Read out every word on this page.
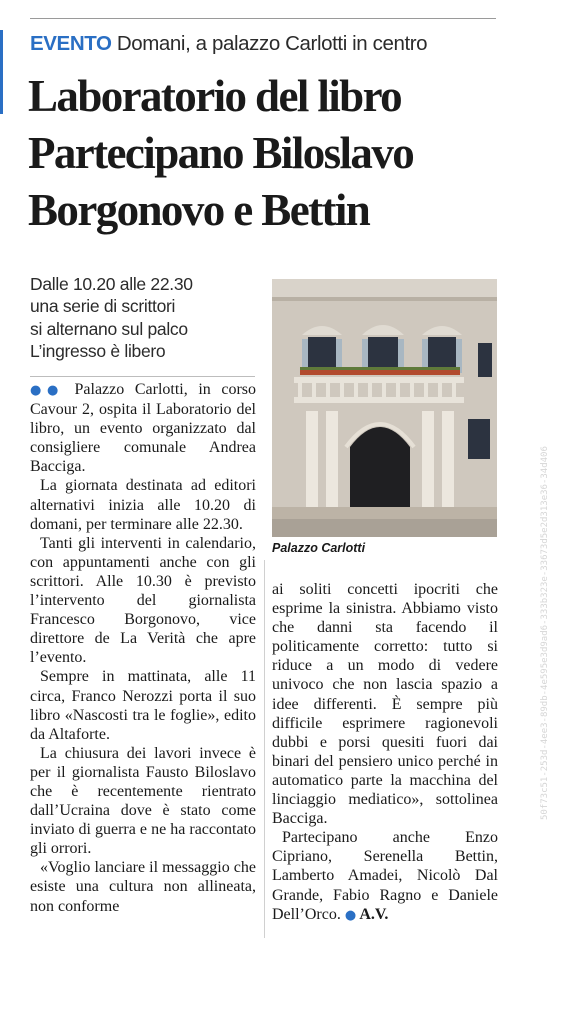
EVENTO Domani, a palazzo Carlotti in centro
Laboratorio del libro
Partecipano Biloslavo
Borgonovo e Bettin
Dalle 10.20 alle 22.30
una serie di scrittori
si alternano sul palco
L’ingresso è libero
Palazzo Carlotti

●● Palazzo Carlotti, in corso Cavour 2, ospita il Laboratorio del libro, un evento organizzato dal consigliere comunale Andrea Bacciga.

La giornata destinata ad editori alternativi inizia alle 10.20 di domani, per terminare alle 22.30.

Tanti gli interventi in calendario, con appuntamenti anche con gli scrittori. Alle 10.30 è previsto l’intervento del giornalista Francesco Borgonovo, vice direttore de La Verità che apre l’evento.

Sempre in mattinata, alle 11 circa, Franco Nerozzi porta il suo libro «Nascosti tra le foglie», edito da Altaforte.

La chiusura dei lavori invece è per il giornalista Fausto Biloslavo che è recentemente rientrato dall’Ucraina dove è stato come inviato di guerra e ne ha raccontato gli orrori.

«Voglio lanciare il messaggio che esiste una cultura non allineata, non conforme

ai soliti concetti ipocriti che esprime la sinistra. Abbiamo visto che danni sta facendo il politicamente corretto: tutto si riduce a un modo di vedere univoco che non lascia spazio a idee differenti. È sempre più difficile esprimere ragionevoli dubbi e porsi quesiti fuori dai binari del pensiero unico perché in automatico parte la macchina del linciaggio mediatico», sottolinea Bacciga.

Partecipano anche Enzo Cipriano, Serenella Bettin, Lamberto Amadei, Nicolò Dal Grande, Fabio Ragno e Daniele Dell’Orco. ● A.V.

50f73c51-253d-4ee3-89db-4e595e3d9ad6-333b323e-33673d5e2d313e36-34d406
